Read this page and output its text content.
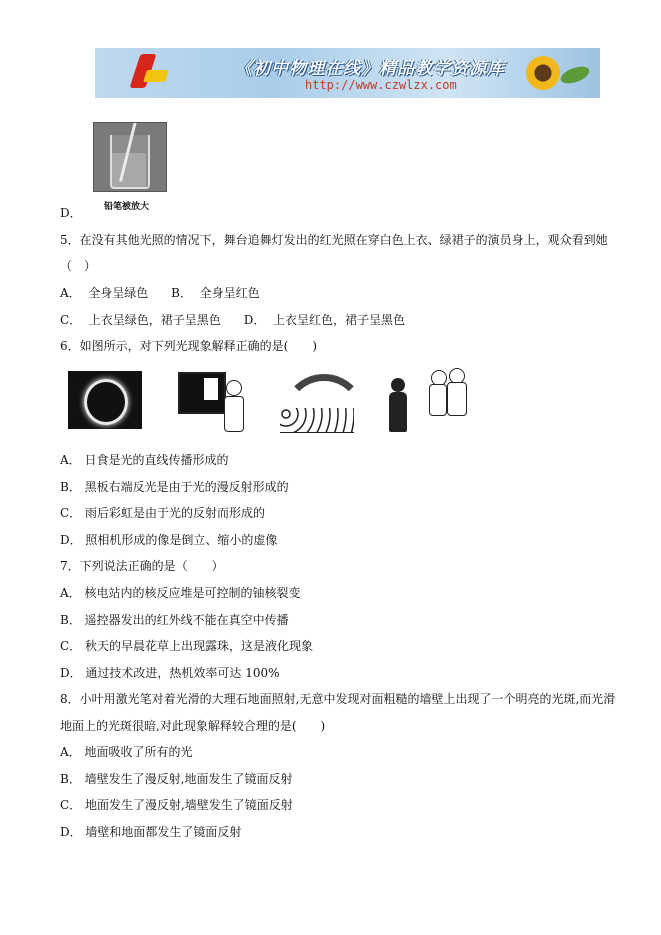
《初中物理在线》精品教学资源库
http://www.czwlzx.com
铅笔被放大
D．
5．在没有其他光照的情况下，舞台追舞灯发出的红光照在穿白色上衣、绿裙子的演员身上，观众看到她
（　）
A．  全身呈绿色      B．  全身呈红色
C．  上衣呈绿色，裙子呈黑色      D．  上衣呈红色，裙子呈黑色
6．如图所示，对下列光现象解释正确的是(　　)
A． 日食是光的直线传播形成的
B． 黑板右端反光是由于光的漫反射形成的
C． 雨后彩虹是由于光的反射而形成的
D． 照相机形成的像是倒立、缩小的虚像
7．下列说法正确的是（　　）
A． 核电站内的核反应堆是可控制的铀核裂变
B． 遥控器发出的红外线不能在真空中传播
C． 秋天的早晨花草上出现露珠，这是液化现象
D． 通过技术改进，热机效率可达 100%
8．小叶用激光笔对着光滑的大理石地面照射,无意中发现对面粗糙的墙壁上出现了一个明亮的光斑,而光滑
地面上的光斑很暗,对此现象解释较合理的是(　　)
A． 地面吸收了所有的光
B． 墙壁发生了漫反射,地面发生了镜面反射
C． 地面发生了漫反射,墙壁发生了镜面反射
D． 墙壁和地面都发生了镜面反射
